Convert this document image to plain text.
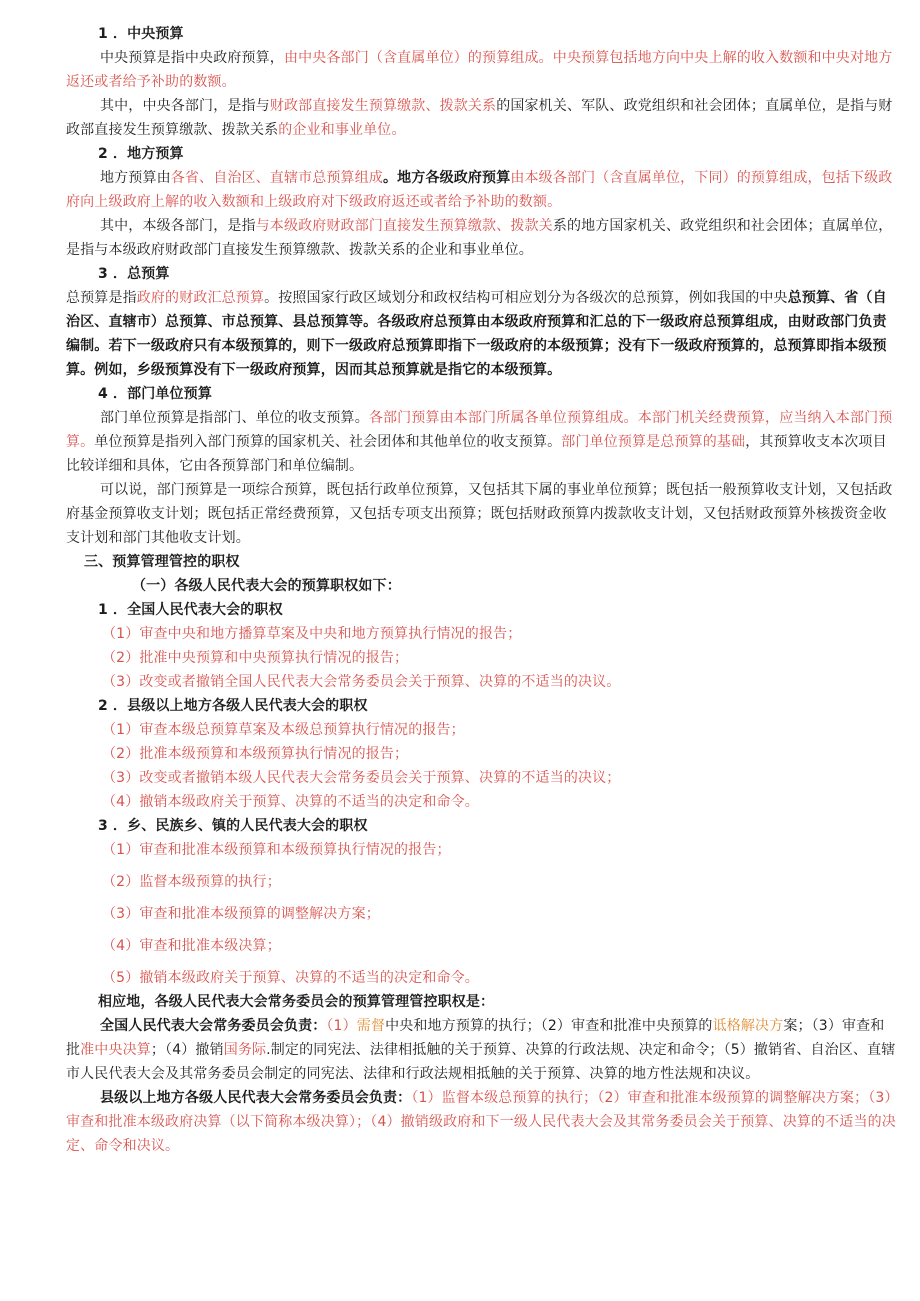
1 ．中央预算

中央预算是指中央政府预算，由中央各部门（含直属单位）的预算组成。中央预算包括地方向中央上解的收入数额和中央对地方返还或者给予补助的数额。

其中，中央各部门，是指与财政部直接发生预算缴款、拨款关系的国家机关、军队、政党组织和社会团体；直属单位，是指与财政部直接发生预算缴款、拨款关系的企业和事业单位。

2 ．地方预算

地方预算由各省、自治区、直辖市总预算组成。地方各级政府预算由本级各部门（含直属单位，下同）的预算组成，包括下级政府向上级政府上解的收入数额和上级政府对下级政府返还或者给予补助的数额。

其中，本级各部门，是指与本级政府财政部门直接发生预算缴款、拨款关系的地方国家机关、政党组织和社会团体；直属单位，是指与本级政府财政部门直接发生预算缴款、拨款关系的企业和事业单位。

3 ．总预算

总预算是指政府的财政汇总预算。按照国家行政区域划分和政权结构可相应划分为各级次的总预算，例如我国的中央总预算、省（自治区、直辖市）总预算、市总预算、县总预算等。各级政府总预算由本级政府预算和汇总的下一级政府总预算组成，由财政部门负责编制。若下一级政府只有本级预算的，则下一级政府总预算即指下一级政府的本级预算；没有下一级政府预算的，总预算即指本级预算。例如，乡级预算没有下一级政府预算，因而其总预算就是指它的本级预算。

4 ．部门单位预算

部门单位预算是指部门、单位的收支预算。各部门预算由本部门所属各单位预算组成。本部门机关经费预算，应当纳入本部门预算。单位预算是指列入部门预算的国家机关、社会团体和其他单位的收支预算。部门单位预算是总预算的基础，其预算收支本次项目比较详细和具体，它由各预算部门和单位编制。

可以说，部门预算是一项综合预算，既包括行政单位预算，又包括其下属的事业单位预算；既包括一般预算收支计划，又包括政府基金预算收支计划；既包括正常经费预算，又包括专项支出预算；既包括财政预算内拨款收支计划，又包括财政预算外核拨资金收支计划和部门其他收支计划。

三、预算管理管控的职权

（一）各级人民代表大会的预算职权如下：

1 ．全国人民代表大会的职权

（1）审查中央和地方播算草案及中央和地方预算执行情况的报告；

（2）批准中央预算和中央预算执行情况的报告；

（3）改变或者撤销全国人民代表大会常务委员会关于预算、决算的不适当的决议。

2 ．县级以上地方各级人民代表大会的职权

（1）审查本级总预算草案及本级总预算执行情况的报告；

（2）批准本级预算和本级预算执行情况的报告；

（3）改变或者撤销本级人民代表大会常务委员会关于预算、决算的不适当的决议；

（4）撤销本级政府关于预算、决算的不适当的决定和命令。

3 ．乡、民族乡、镇的人民代表大会的职权

（1）审查和批准本级预算和本级预算执行情况的报告；

（2）监督本级预算的执行；

（3）审查和批准本级预算的调整解决方案；

（4）审查和批准本级决算；

（5）撤销本级政府关于预算、决算的不适当的决定和命令。

相应地，各级人民代表大会常务委员会的预算管理管控职权是：

全国人民代表大会常务委员会负责：（1）需督中央和地方预算的执行；（2）审查和批准中央预算的诋格解决方案；（3）审查和批准中央决算；（4）撤销国务际.制定的同宪法、法律相抵触的关于预算、决算的行政法规、决定和命令；（5）撤销省、自治区、直辖市人民代表大会及其常务委员会制定的同宪法、法律和行政法规相抵触的关于预算、决算的地方性法规和决议。

县级以上地方各级人民代表大会常务委员会负责：（1）监督本级总预算的执行；（2）审查和批准本级预算的调整解决方案；（3）审查和批准本级政府决算（以下简称本级决算）；（4）撤销级政府和下一级人民代表大会及其常务委员会关于预算、决算的不适当的决定、命令和决议。
